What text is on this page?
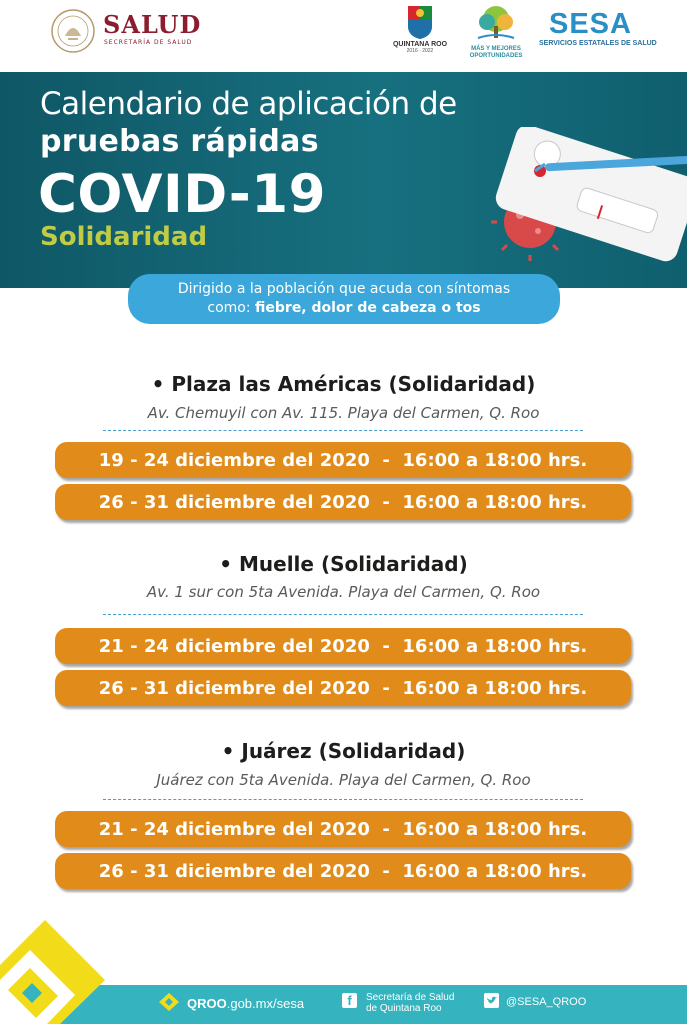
SALUD
SECRETARÍA DE SALUD	QUINTANA ROO
2016 · 2022	MÁS Y MEJORES
OPORTUNIDADES
SESA
SERVICIOS ESTATALES DE SALUD
Calendario de aplicación de
pruebas rápidas
COVID-19
Solidaridad
Dirigido a la población que acuda con síntomas
como: fiebre, dolor de cabeza o tos
• Plaza las Américas (Solidaridad)
Av. Chemuyil con Av. 115. Playa del Carmen, Q. Roo
19 - 24 diciembre del 2020  -  16:00 a 18:00 hrs.
26 - 31 diciembre del 2020  -  16:00 a 18:00 hrs.
• Muelle (Solidaridad)
Av. 1 sur con 5ta Avenida. Playa del Carmen, Q. Roo
21 - 24 diciembre del 2020  -  16:00 a 18:00 hrs.
26 - 31 diciembre del 2020  -  16:00 a 18:00 hrs.
• Juárez (Solidaridad)
Juárez con 5ta Avenida. Playa del Carmen, Q. Roo
21 - 24 diciembre del 2020  -  16:00 a 18:00 hrs.
26 - 31 diciembre del 2020  -  16:00 a 18:00 hrs.
QROO.gob.mx/sesa	f	Secretaría de Salud
de Quintana Roo
@SESA_QROO
